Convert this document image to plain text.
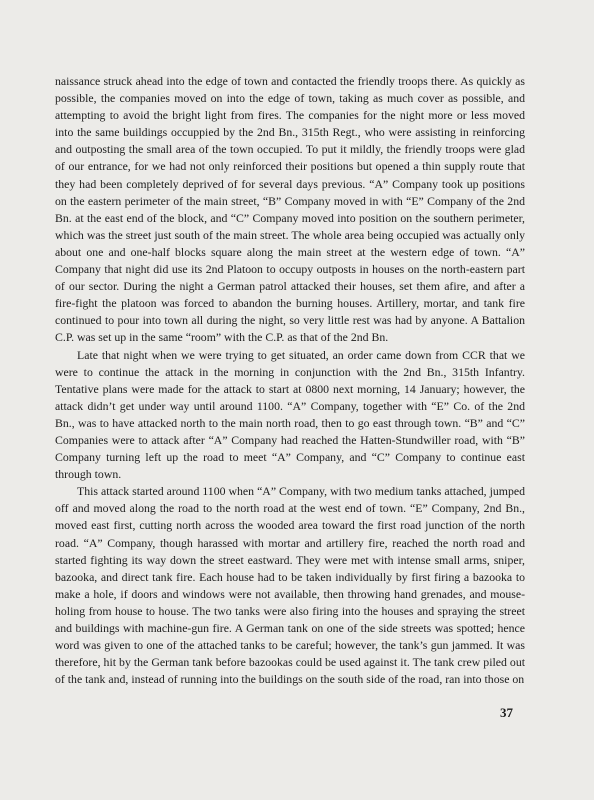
naissance struck ahead into the edge of town and contacted the friendly troops there. As quickly as possible, the companies moved on into the edge of town, taking as much cover as possible, and attempting to avoid the bright light from fires. The companies for the night more or less moved into the same buildings occuppied by the 2nd Bn., 315th Regt., who were assisting in reinforcing and outposting the small area of the town occupied. To put it mildly, the friendly troops were glad of our entrance, for we had not only reinforced their positions but opened a thin supply route that they had been completely deprived of for several days previous. “A” Company took up positions on the eastern perimeter of the main street, “B” Company moved in with “E” Company of the 2nd Bn. at the east end of the block, and “C” Company moved into position on the southern perimeter, which was the street just south of the main street. The whole area being occupied was actually only about one and one-half blocks square along the main street at the western edge of town. “A” Company that night did use its 2nd Platoon to occupy outposts in houses on the north-eastern part of our sector. During the night a German patrol attacked their houses, set them afire, and after a fire-fight the platoon was forced to abandon the burning houses. Artillery, mortar, and tank fire continued to pour into town all during the night, so very little rest was had by anyone. A Battalion C.P. was set up in the same “room” with the C.P. as that of the 2nd Bn.

Late that night when we were trying to get situated, an order came down from CCR that we were to continue the attack in the morning in conjunction with the 2nd Bn., 315th Infantry. Tentative plans were made for the attack to start at 0800 next morning, 14 January; however, the attack didn’t get under way until around 1100. “A” Company, together with “E” Co. of the 2nd Bn., was to have attacked north to the main north road, then to go east through town. “B” and “C” Companies were to attack after “A” Company had reached the Hatten-Stundwiller road, with “B” Company turning left up the road to meet “A” Company, and “C” Company to continue east through town.

This attack started around 1100 when “A” Company, with two medium tanks attached, jumped off and moved along the road to the north road at the west end of town. “E” Company, 2nd Bn., moved east first, cutting north across the wooded area toward the first road junction of the north road. “A” Company, though harassed with mortar and artillery fire, reached the north road and started fighting its way down the street eastward. They were met with intense small arms, sniper, bazooka, and direct tank fire. Each house had to be taken individually by first firing a bazooka to make a hole, if doors and windows were not available, then throwing hand grenades, and mouse-holing from house to house. The two tanks were also firing into the houses and spraying the street and buildings with machine-gun fire. A German tank on one of the side streets was spotted; hence word was given to one of the attached tanks to be careful; however, the tank’s gun jammed. It was therefore, hit by the German tank before bazookas could be used against it. The tank crew piled out of the tank and, instead of running into the buildings on the south side of the road, ran into those on

37
